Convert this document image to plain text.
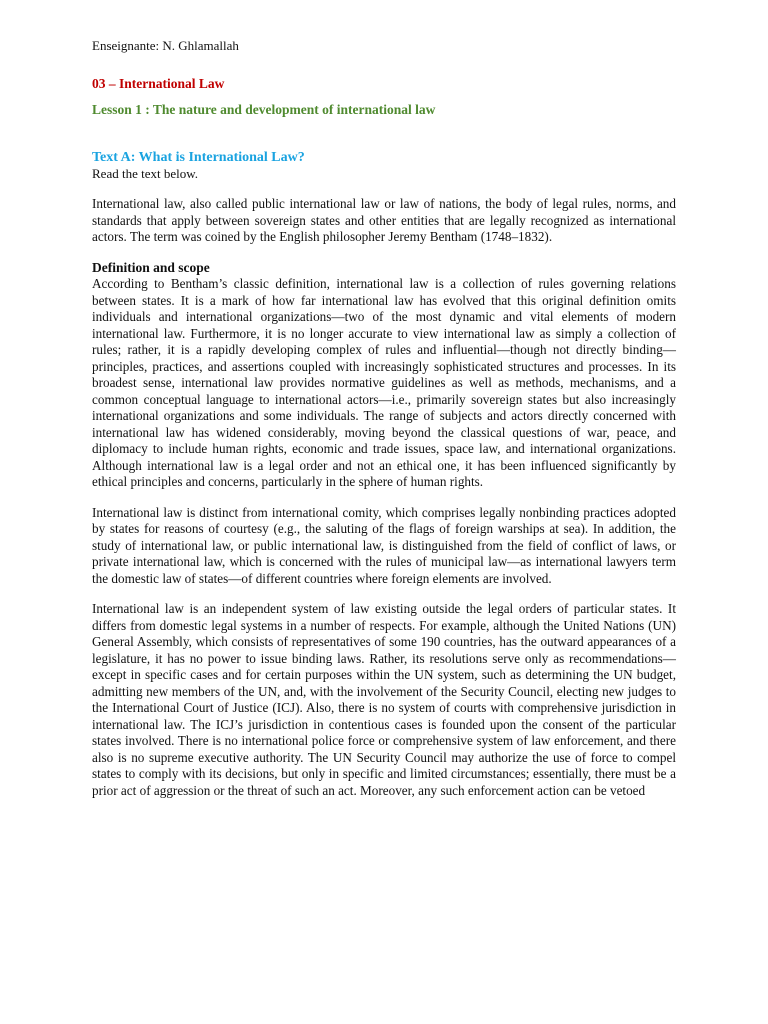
Enseignante: N. Ghlamallah

03 – International Law

Lesson 1 : The nature and development of international law

Text A: What is International Law?

Read the text below.

International law, also called public international law or law of nations, the body of legal rules, norms, and standards that apply between sovereign states and other entities that are legally recognized as international actors. The term was coined by the English philosopher Jeremy Bentham (1748–1832).

Definition and scope

According to Bentham’s classic definition, international law is a collection of rules governing relations between states. It is a mark of how far international law has evolved that this original definition omits individuals and international organizations—two of the most dynamic and vital elements of modern international law. Furthermore, it is no longer accurate to view international law as simply a collection of rules; rather, it is a rapidly developing complex of rules and influential—though not directly binding—principles, practices, and assertions coupled with increasingly sophisticated structures and processes. In its broadest sense, international law provides normative guidelines as well as methods, mechanisms, and a common conceptual language to international actors—i.e., primarily sovereign states but also increasingly international organizations and some individuals. The range of subjects and actors directly concerned with international law has widened considerably, moving beyond the classical questions of war, peace, and diplomacy to include human rights, economic and trade issues, space law, and international organizations. Although international law is a legal order and not an ethical one, it has been influenced significantly by ethical principles and concerns, particularly in the sphere of human rights.

International law is distinct from international comity, which comprises legally nonbinding practices adopted by states for reasons of courtesy (e.g., the saluting of the flags of foreign warships at sea). In addition, the study of international law, or public international law, is distinguished from the field of conflict of laws, or private international law, which is concerned with the rules of municipal law—as international lawyers term the domestic law of states—of different countries where foreign elements are involved.

International law is an independent system of law existing outside the legal orders of particular states. It differs from domestic legal systems in a number of respects. For example, although the United Nations (UN) General Assembly, which consists of representatives of some 190 countries, has the outward appearances of a legislature, it has no power to issue binding laws. Rather, its resolutions serve only as recommendations—except in specific cases and for certain purposes within the UN system, such as determining the UN budget, admitting new members of the UN, and, with the involvement of the Security Council, electing new judges to the International Court of Justice (ICJ). Also, there is no system of courts with comprehensive jurisdiction in international law. The ICJ’s jurisdiction in contentious cases is founded upon the consent of the particular states involved. There is no international police force or comprehensive system of law enforcement, and there also is no supreme executive authority. The UN Security Council may authorize the use of force to compel states to comply with its decisions, but only in specific and limited circumstances; essentially, there must be a prior act of aggression or the threat of such an act. Moreover, any such enforcement action can be vetoed
